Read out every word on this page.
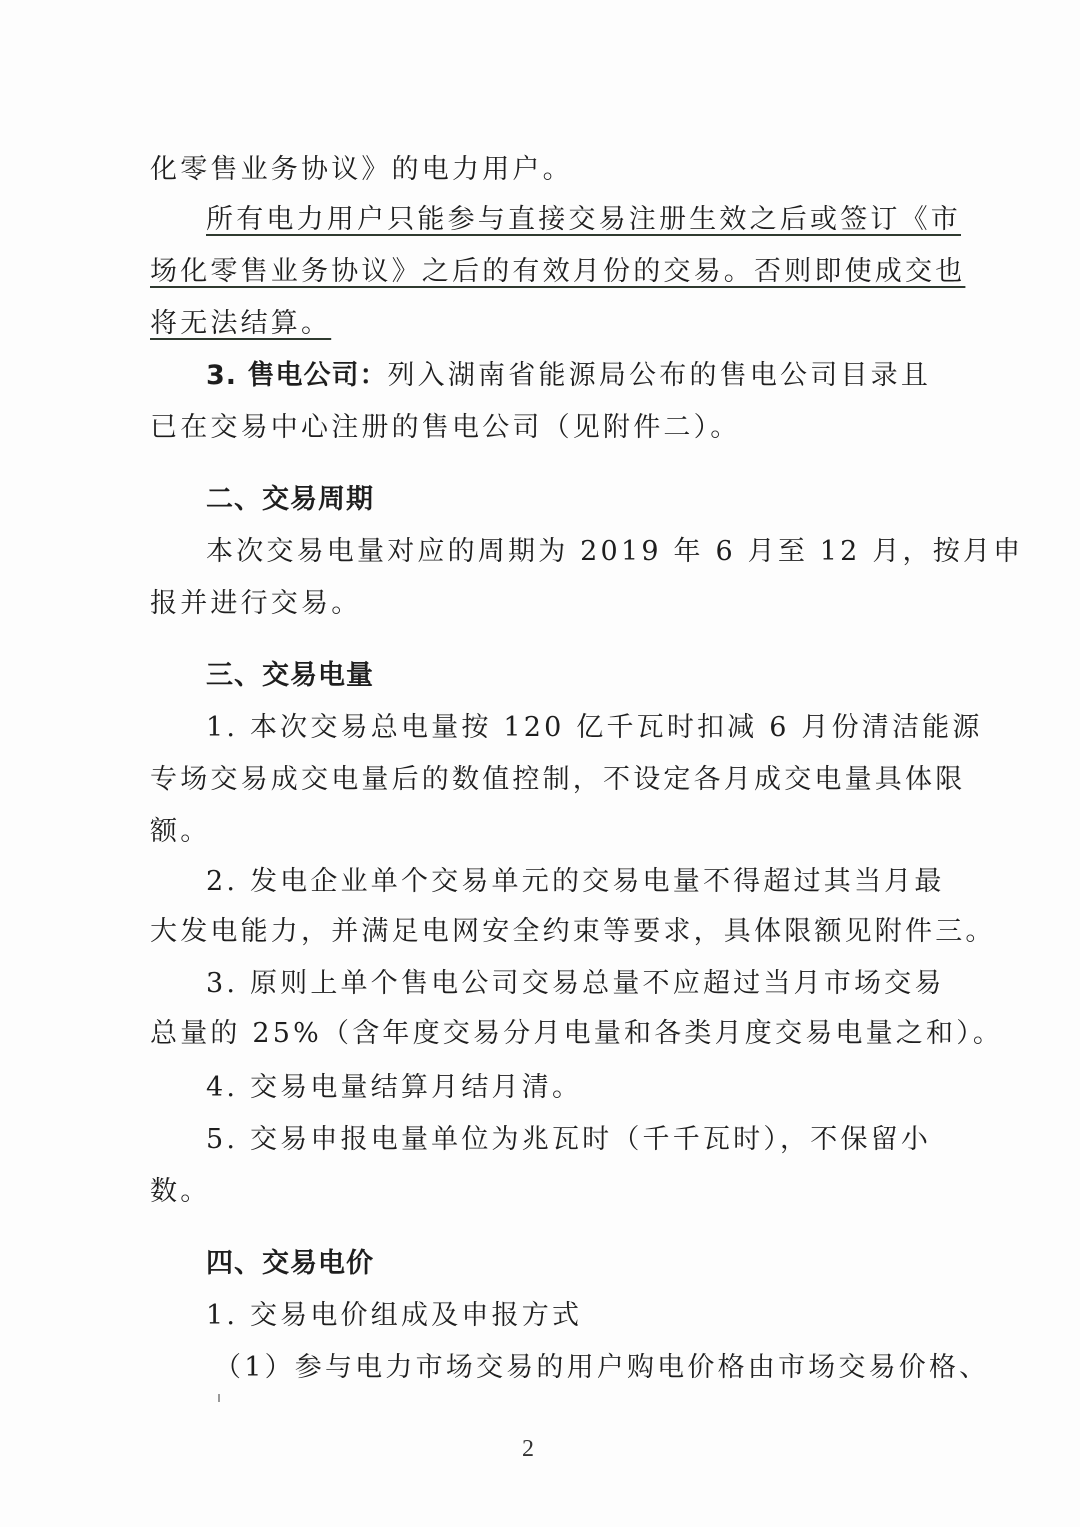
化零售业务协议》的电力用户。
所有电力用户只能参与直接交易注册生效之后或签订《市
场化零售业务协议》之后的有效月份的交易。否则即使成交也
将无法结算。
3. 售电公司：列入湖南省能源局公布的售电公司目录且
已在交易中心注册的售电公司（见附件二）。
二、交易周期
本次交易电量对应的周期为 2019 年 6 月至 12 月，按月申
报并进行交易。
三、交易电量
1. 本次交易总电量按 120 亿千瓦时扣减 6 月份清洁能源
专场交易成交电量后的数值控制，不设定各月成交电量具体限
额。
2. 发电企业单个交易单元的交易电量不得超过其当月最
大发电能力，并满足电网安全约束等要求，具体限额见附件三。
3. 原则上单个售电公司交易总量不应超过当月市场交易
总量的 25%（含年度交易分月电量和各类月度交易电量之和）。
4. 交易电量结算月结月清。
5. 交易申报电量单位为兆瓦时（千千瓦时），不保留小
数。
四、交易电价
1. 交易电价组成及申报方式
（1）参与电力市场交易的用户购电价格由市场交易价格、
2
